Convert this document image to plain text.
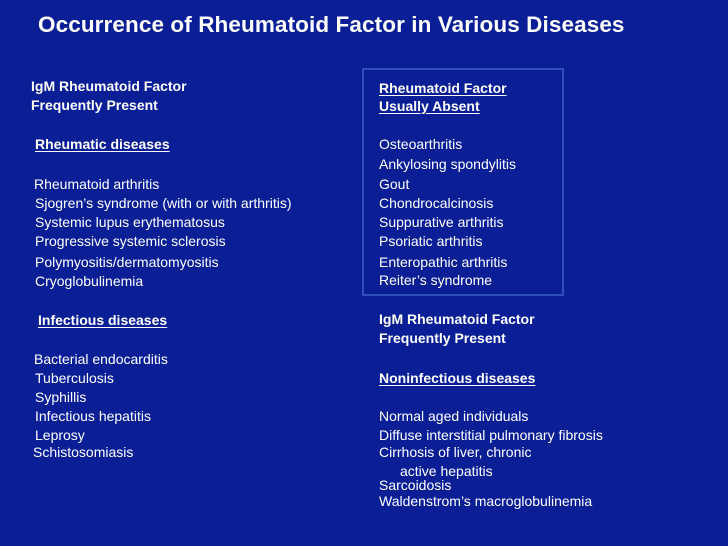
Occurrence of Rheumatoid Factor in Various Diseases
IgM Rheumatoid Factor
Frequently Present
Rheumatic diseases
Rheumatoid arthritis
Sjogren’s syndrome (with or with arthritis)
Systemic lupus erythematosus
Progressive systemic sclerosis
Polymyositis/dermatomyositis
Cryoglobulinemia
Infectious diseases
Bacterial endocarditis
Tuberculosis
Syphillis
Infectious hepatitis
Leprosy
Schistosomiasis
Rheumatoid Factor
Usually Absent
Osteoarthritis
Ankylosing spondylitis
Gout
Chondrocalcinosis
Suppurative arthritis
Psoriatic arthritis
Enteropathic arthritis
Reiter’s syndrome
IgM Rheumatoid Factor
Frequently Present
Noninfectious diseases
Normal aged individuals
Diffuse interstitial pulmonary fibrosis
Cirrhosis of liver, chronic
active hepatitis
Sarcoidosis
Waldenstrom’s macroglobulinemia
